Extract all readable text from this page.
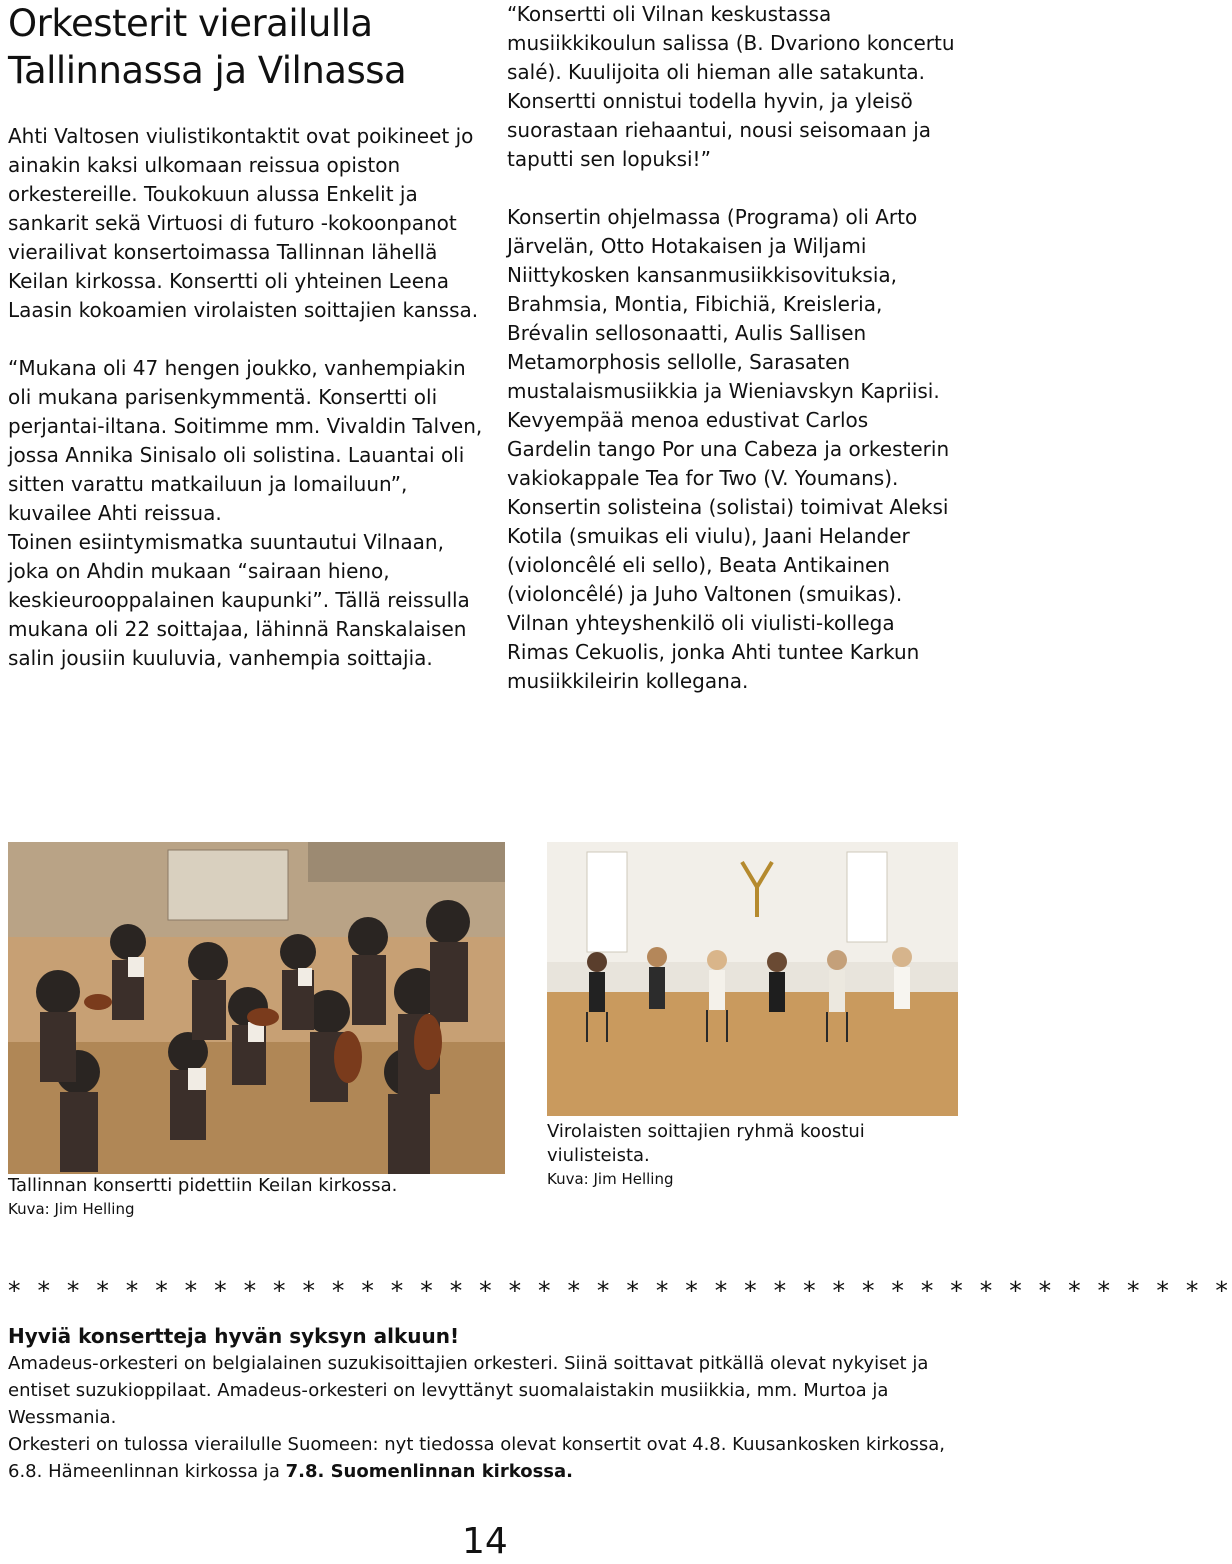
Orkesterit vierailulla Tallinnassa ja Vilnassa

Ahti Valtosen viulistikontaktit ovat poikineet jo ainakin kaksi ulkomaan reissua opiston orkestereille. Toukokuun alussa Enkelit ja sankarit sekä Virtuosi di futuro -kokoonpanot vierailivat konsertoimassa Tallinnan lähellä Keilan kirkossa. Konsertti oli yhteinen Leena Laasin kokoamien virolaisten soittajien kanssa.

“Mukana oli 47 hengen joukko, vanhempiakin oli mukana parisenkymmentä. Konsertti oli perjantai-iltana. Soitimme mm. Vivaldin Talven, jossa Annika Sinisalo oli solistina. Lauantai oli sitten varattu matkailuun ja lomailuun”, kuvailee Ahti reissua.

Toinen esiintymismatka suuntautui Vilnaan, joka on Ahdin mukaan “sairaan hieno, keskieurooppalainen kaupunki”. Tällä reissulla mukana oli 22 soittajaa, lähinnä Ranskalaisen salin jousiin kuuluvia, vanhempia soittajia.

“Konsertti oli Vilnan keskustassa musiikkikoulun salissa (B. Dvariono koncertu salé). Kuulijoita oli hieman alle satakunta. Konsertti onnistui todella hyvin, ja yleisö suorastaan riehaantui, nousi seisomaan ja taputti sen lopuksi!”

Konsertin ohjelmassa (Programa) oli Arto Järvelän, Otto Hotakaisen ja Wiljami Niittykosken kansanmusiikkisovituksia, Brahmsia, Montia, Fibichiä, Kreisleria, Brévalin sellosonaatti, Aulis Sallisen Metamorphosis sellolle, Sarasaten mustalaismusiikkia ja Wieniavskyn Kapriisi. Kevyempää menoa edustivat Carlos Gardelin tango Por una Cabeza ja orkesterin vakiokappale Tea for Two (V. Youmans).

Konsertin solisteina (solistai) toimivat Aleksi Kotila (smuikas eli viulu), Jaani Helander (violoncêlé eli sello), Beata Antikainen (violoncêlé) ja Juho Valtonen (smuikas).

Vilnan yhteyshenkilö oli viulisti-kollega Rimas Cekuolis, jonka Ahti tuntee Karkun musiikkileirin kollegana.

Tallinnan konsertti pidettiin Keilan kirkossa.
Kuva: Jim Helling
Virolaisten soittajien ryhmä koostui viulisteista.
Kuva: Jim Helling
* * * * * * * * * * * * * * * * * * * * * * * * * * * * * * * * * * * * * * * * * *

Hyviä konsertteja hyvän syksyn alkuun!

Amadeus-orkesteri on belgialainen suzukisoittajien orkesteri. Siinä soittavat pitkällä olevat nykyiset ja entiset suzukioppilaat. Amadeus-orkesteri on levyttänyt suomalaistakin musiikkia, mm. Murtoa ja Wessmania.

Orkesteri on tulossa vierailulle Suomeen: nyt tiedossa olevat konsertit ovat 4.8. Kuusankosken kirkossa, 6.8. Hämeenlinnan kirkossa ja 7.8. Suomenlinnan kirkossa.

14
